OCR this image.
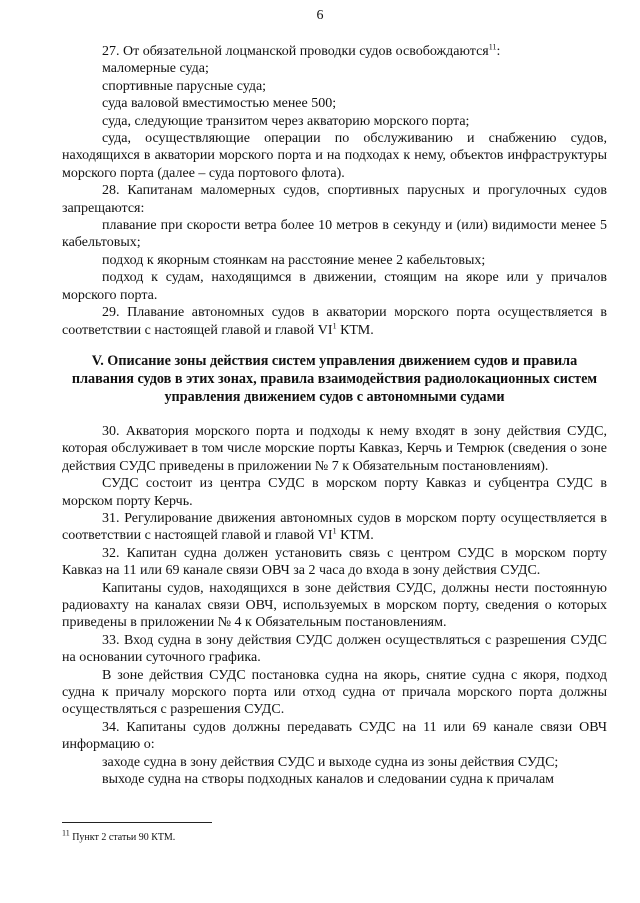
6

27. От обязательной лоцманской проводки судов освобождаются$^{11}$:

маломерные суда;

спортивные парусные суда;

суда валовой вместимостью менее 500;

суда, следующие транзитом через акваторию морского порта;

суда, осуществляющие операции по обслуживанию и снабжению судов, находящихся в акватории морского порта и на подходах к нему, объектов инфраструктуры морского порта (далее – суда портового флота).

28. Капитанам маломерных судов, спортивных парусных и прогулочных судов запрещаются:

плавание при скорости ветра более 10 метров в секунду и (или) видимости менее 5 кабельтовых;

подход к якорным стоянкам на расстояние менее 2 кабельтовых;

подход к судам, находящимся в движении, стоящим на якоре или у причалов морского порта.

29. Плавание автономных судов в акватории морского порта осуществляется в соответствии с настоящей главой и главой $VI^1$ КТМ.

V. Описание зоны действия систем управления движением судов и правила плавания судов в этих зонах, правила взаимодействия радиолокационных систем управления движением судов с автономными судами

30. Акватория морского порта и подходы к нему входят в зону действия СУДС, которая обслуживает в том числе морские порты Кавказ, Керчь и Темрюк (сведения о зоне действия СУДС приведены в приложении № 7 к Обязательным постановлениям).

СУДС состоит из центра СУДС в морском порту Кавказ и субцентра СУДС в морском порту Керчь.

31. Регулирование движения автономных судов в морском порту осуществляется в соответствии с настоящей главой и главой $VI^1$ КТМ.

32. Капитан судна должен установить связь с центром СУДС в морском порту Кавказ на 11 или 69 канале связи ОВЧ за 2 часа до входа в зону действия СУДС.

Капитаны судов, находящихся в зоне действия СУДС, должны нести постоянную радиовахту на каналах связи ОВЧ, используемых в морском порту, сведения о которых приведены в приложении № 4 к Обязательным постановлениям.

33. Вход судна в зону действия СУДС должен осуществляться с разрешения СУДС на основании суточного графика.

В зоне действия СУДС постановка судна на якорь, снятие судна с якоря, подход судна к причалу морского порта или отход судна от причала морского порта должны осуществляться с разрешения СУДС.

34. Капитаны судов должны передавать СУДС на 11 или 69 канале связи ОВЧ информацию о:

заходе судна в зону действия СУДС и выходе судна из зоны действия СУДС;

выходе судна на створы подходных каналов и следовании судна к причалам

$^{11}$ Пункт 2 статьи 90 КТМ.
